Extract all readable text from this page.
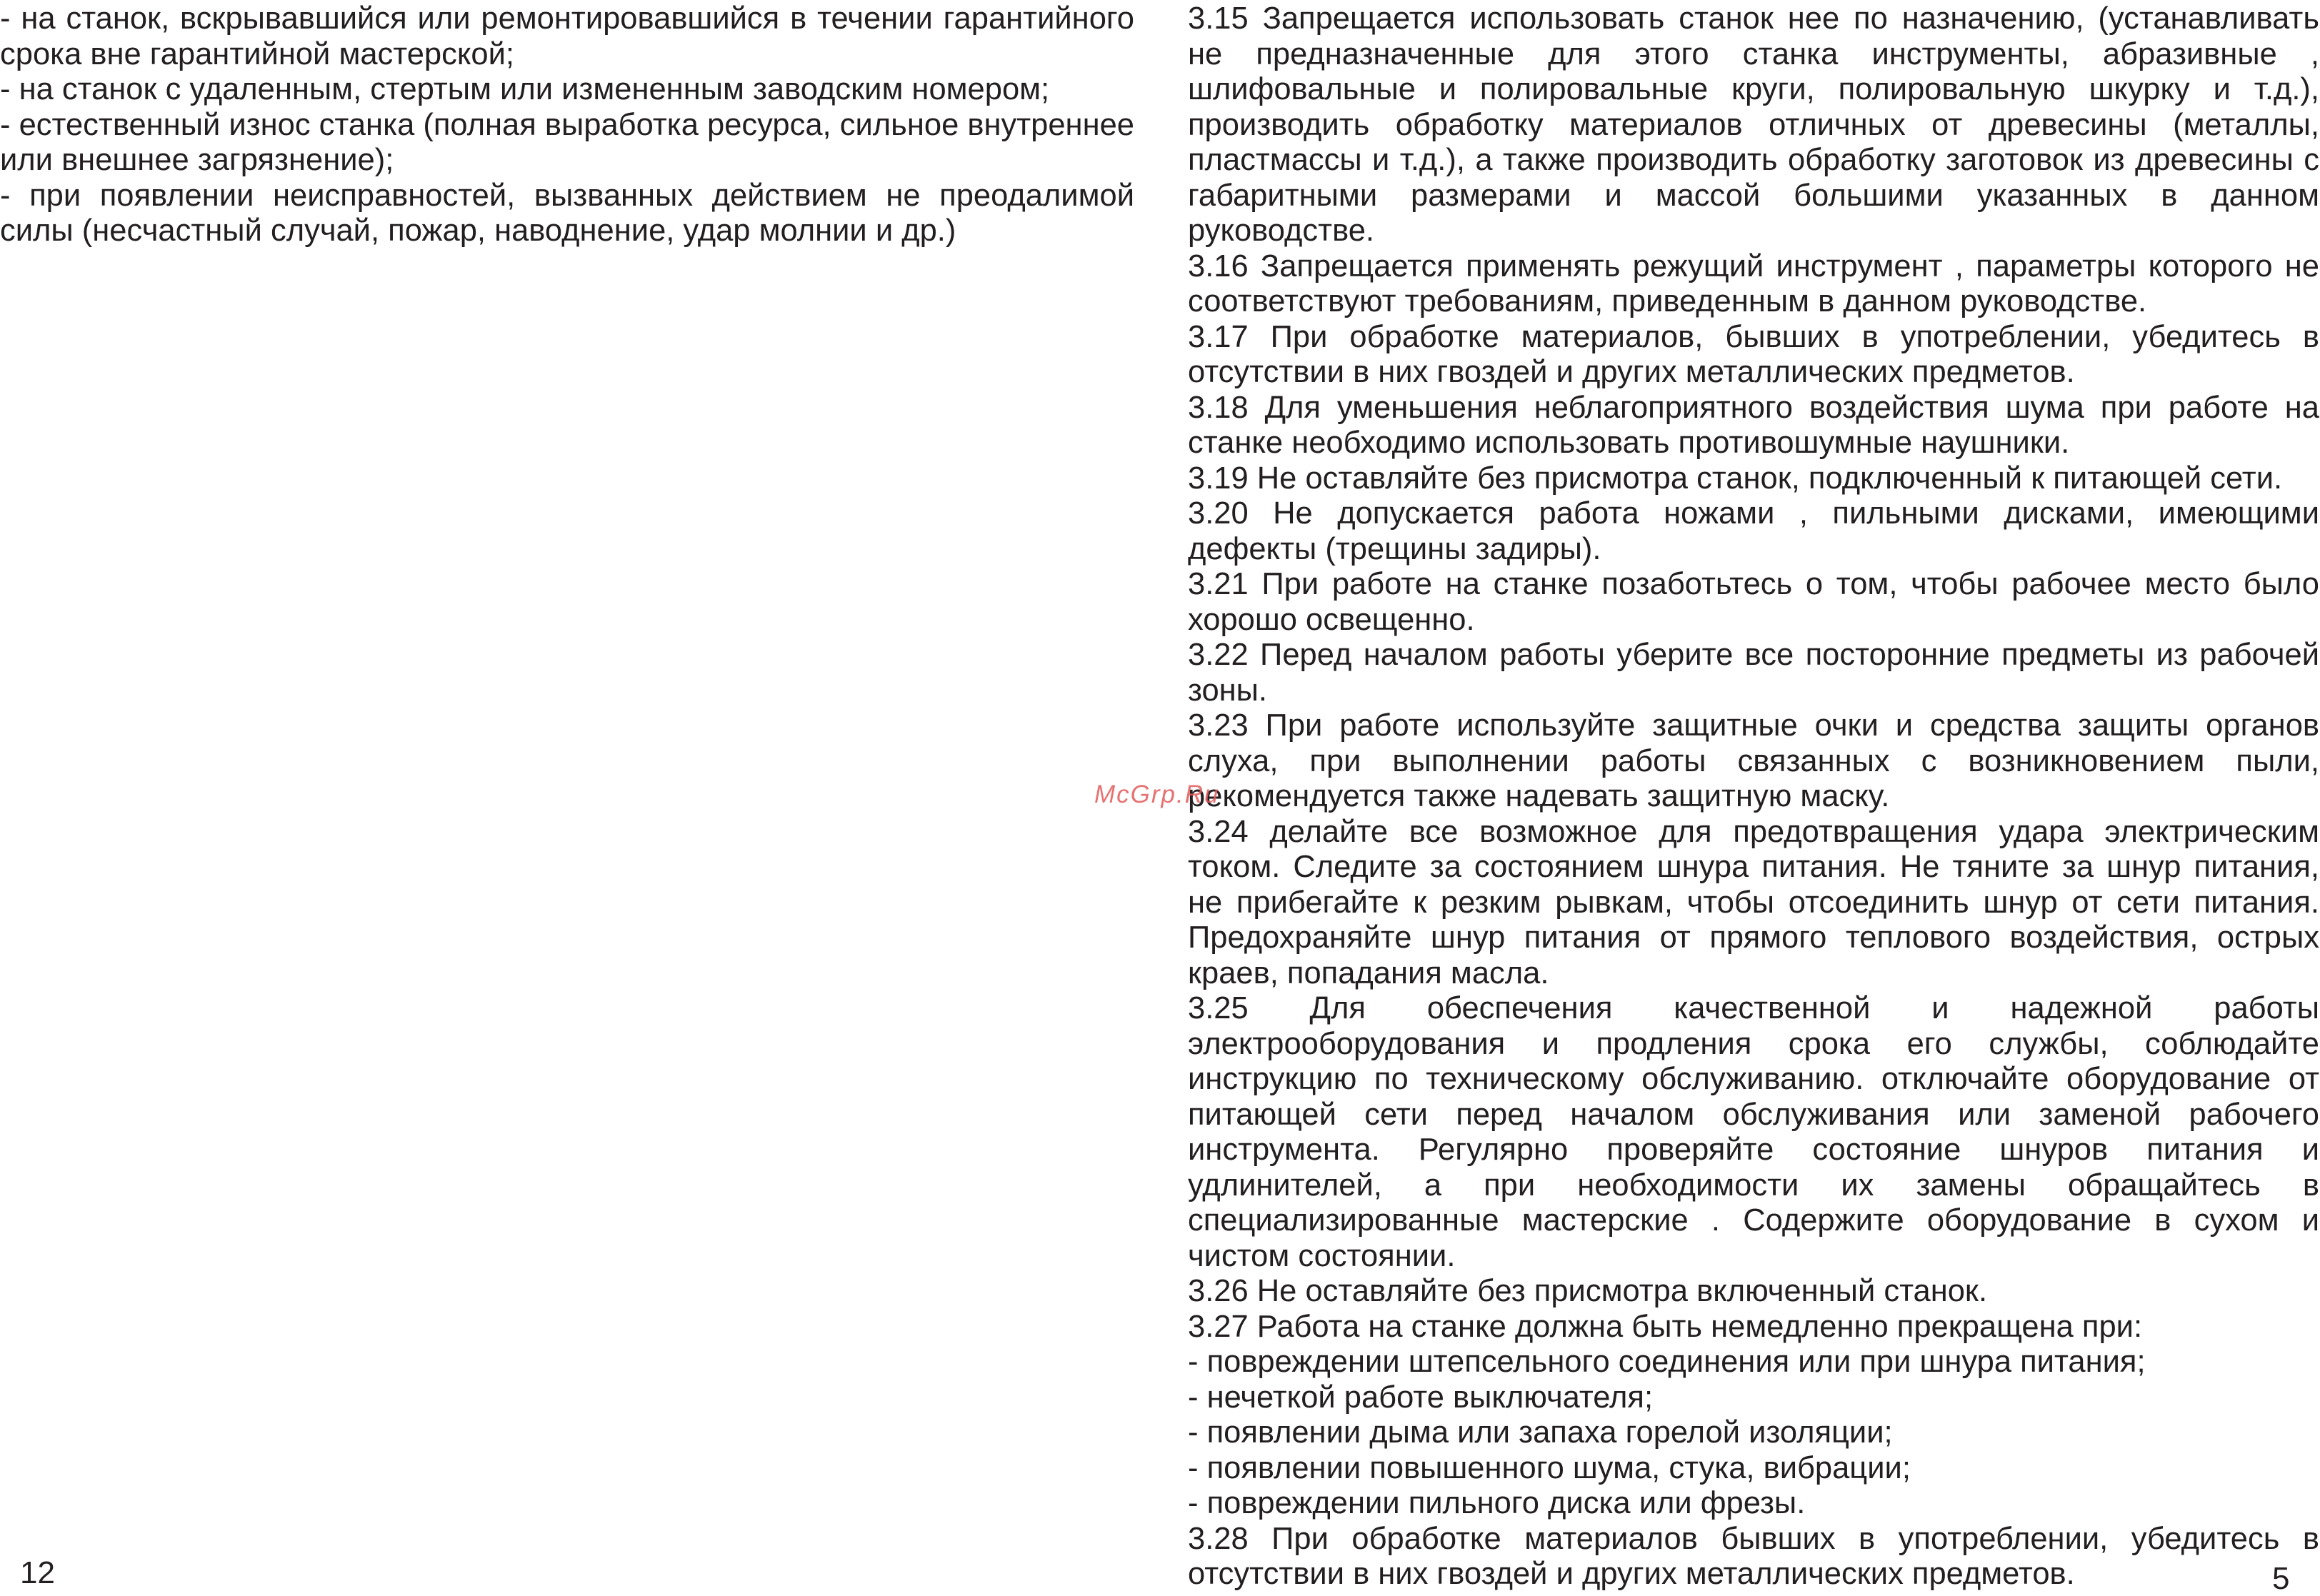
- на станок, вскрывавшийся или ремонтировавшийся в течении гарантийного срока вне гарантийной мастерской;

- на станок с удаленным, стертым или измененным заводским номером;

- естественный износ станка (полная выработка ресурса, сильное внутреннее или внешнее загрязнение);

- при появлении неисправностей, вызванных действием не преодалимой силы (несчастный случай, пожар, наводнение, удар молнии и др.)

3.15 Запрещается использовать станок нее по назначению, (устанавливать не предназначенные для этого станка инструменты, абразивные , шлифовальные и полировальные круги, полировальную шкурку и т.д.), производить обработку материалов отличных от древесины (металлы, пластмассы и т.д.), а также производить обработку заготовок из древесины с габаритными размерами и массой большими указанных в данном руководстве.

3.16 Запрещается применять режущий инструмент , параметры которого не соответствуют требованиям, приведенным в данном руководстве.

3.17 При обработке материалов, бывших в употреблении, убедитесь в отсутствии в них гвоздей и других металлических предметов.

3.18 Для уменьшения неблагоприятного воздействия шума при работе на станке необходимо использовать противошумные наушники.

3.19 Не оставляйте без присмотра станок, подключенный к питающей сети.

3.20 Не допускается работа ножами , пильными дисками, имеющими дефекты (трещины задиры).

3.21 При работе на станке позаботьтесь о том, чтобы рабочее место было хорошо освещенно.

3.22 Перед началом работы уберите все посторонние предметы из рабочей зоны.

3.23 При работе используйте защитные очки и средства защиты органов слуха, при выполнении работы связанных с возникновением пыли, рекомендуется также надевать защитную маску.

3.24 делайте все возможное для предотвращения удара электрическим током. Следите за состоянием шнура питания. Не тяните за шнур питания, не прибегайте к резким рывкам, чтобы отсоединить шнур от сети питания. Предохраняйте шнур питания от прямого теплового воздействия, острых краев, попадания масла.

3.25 Для обеспечения качественной и надежной работы электрооборудования и продления срока его службы, соблюдайте инструкцию по техническому обслуживанию. отключайте оборудование от питающей сети перед началом обслуживания или заменой рабочего инструмента. Регулярно проверяйте состояние шнуров питания и удлинителей, а при необходимости их замены обращайтесь в специализированные мастерские . Содержите оборудование в сухом и чистом состоянии.

3.26 Не оставляйте без присмотра включенный станок.

3.27 Работа на станке должна быть немедленно прекращена при:

- повреждении штепсельного соединения или при шнура питания;

- нечеткой работе выключателя;

- появлении дыма или запаха горелой изоляции;

- появлении повышенного шума, стука, вибрации;

- повреждении пильного диска или фрезы.

3.28 При обработке материалов бывших в употреблении, убедитесь в отсутствии в них гвоздей и других металлических предметов.

McGrp.Ru
12	5
